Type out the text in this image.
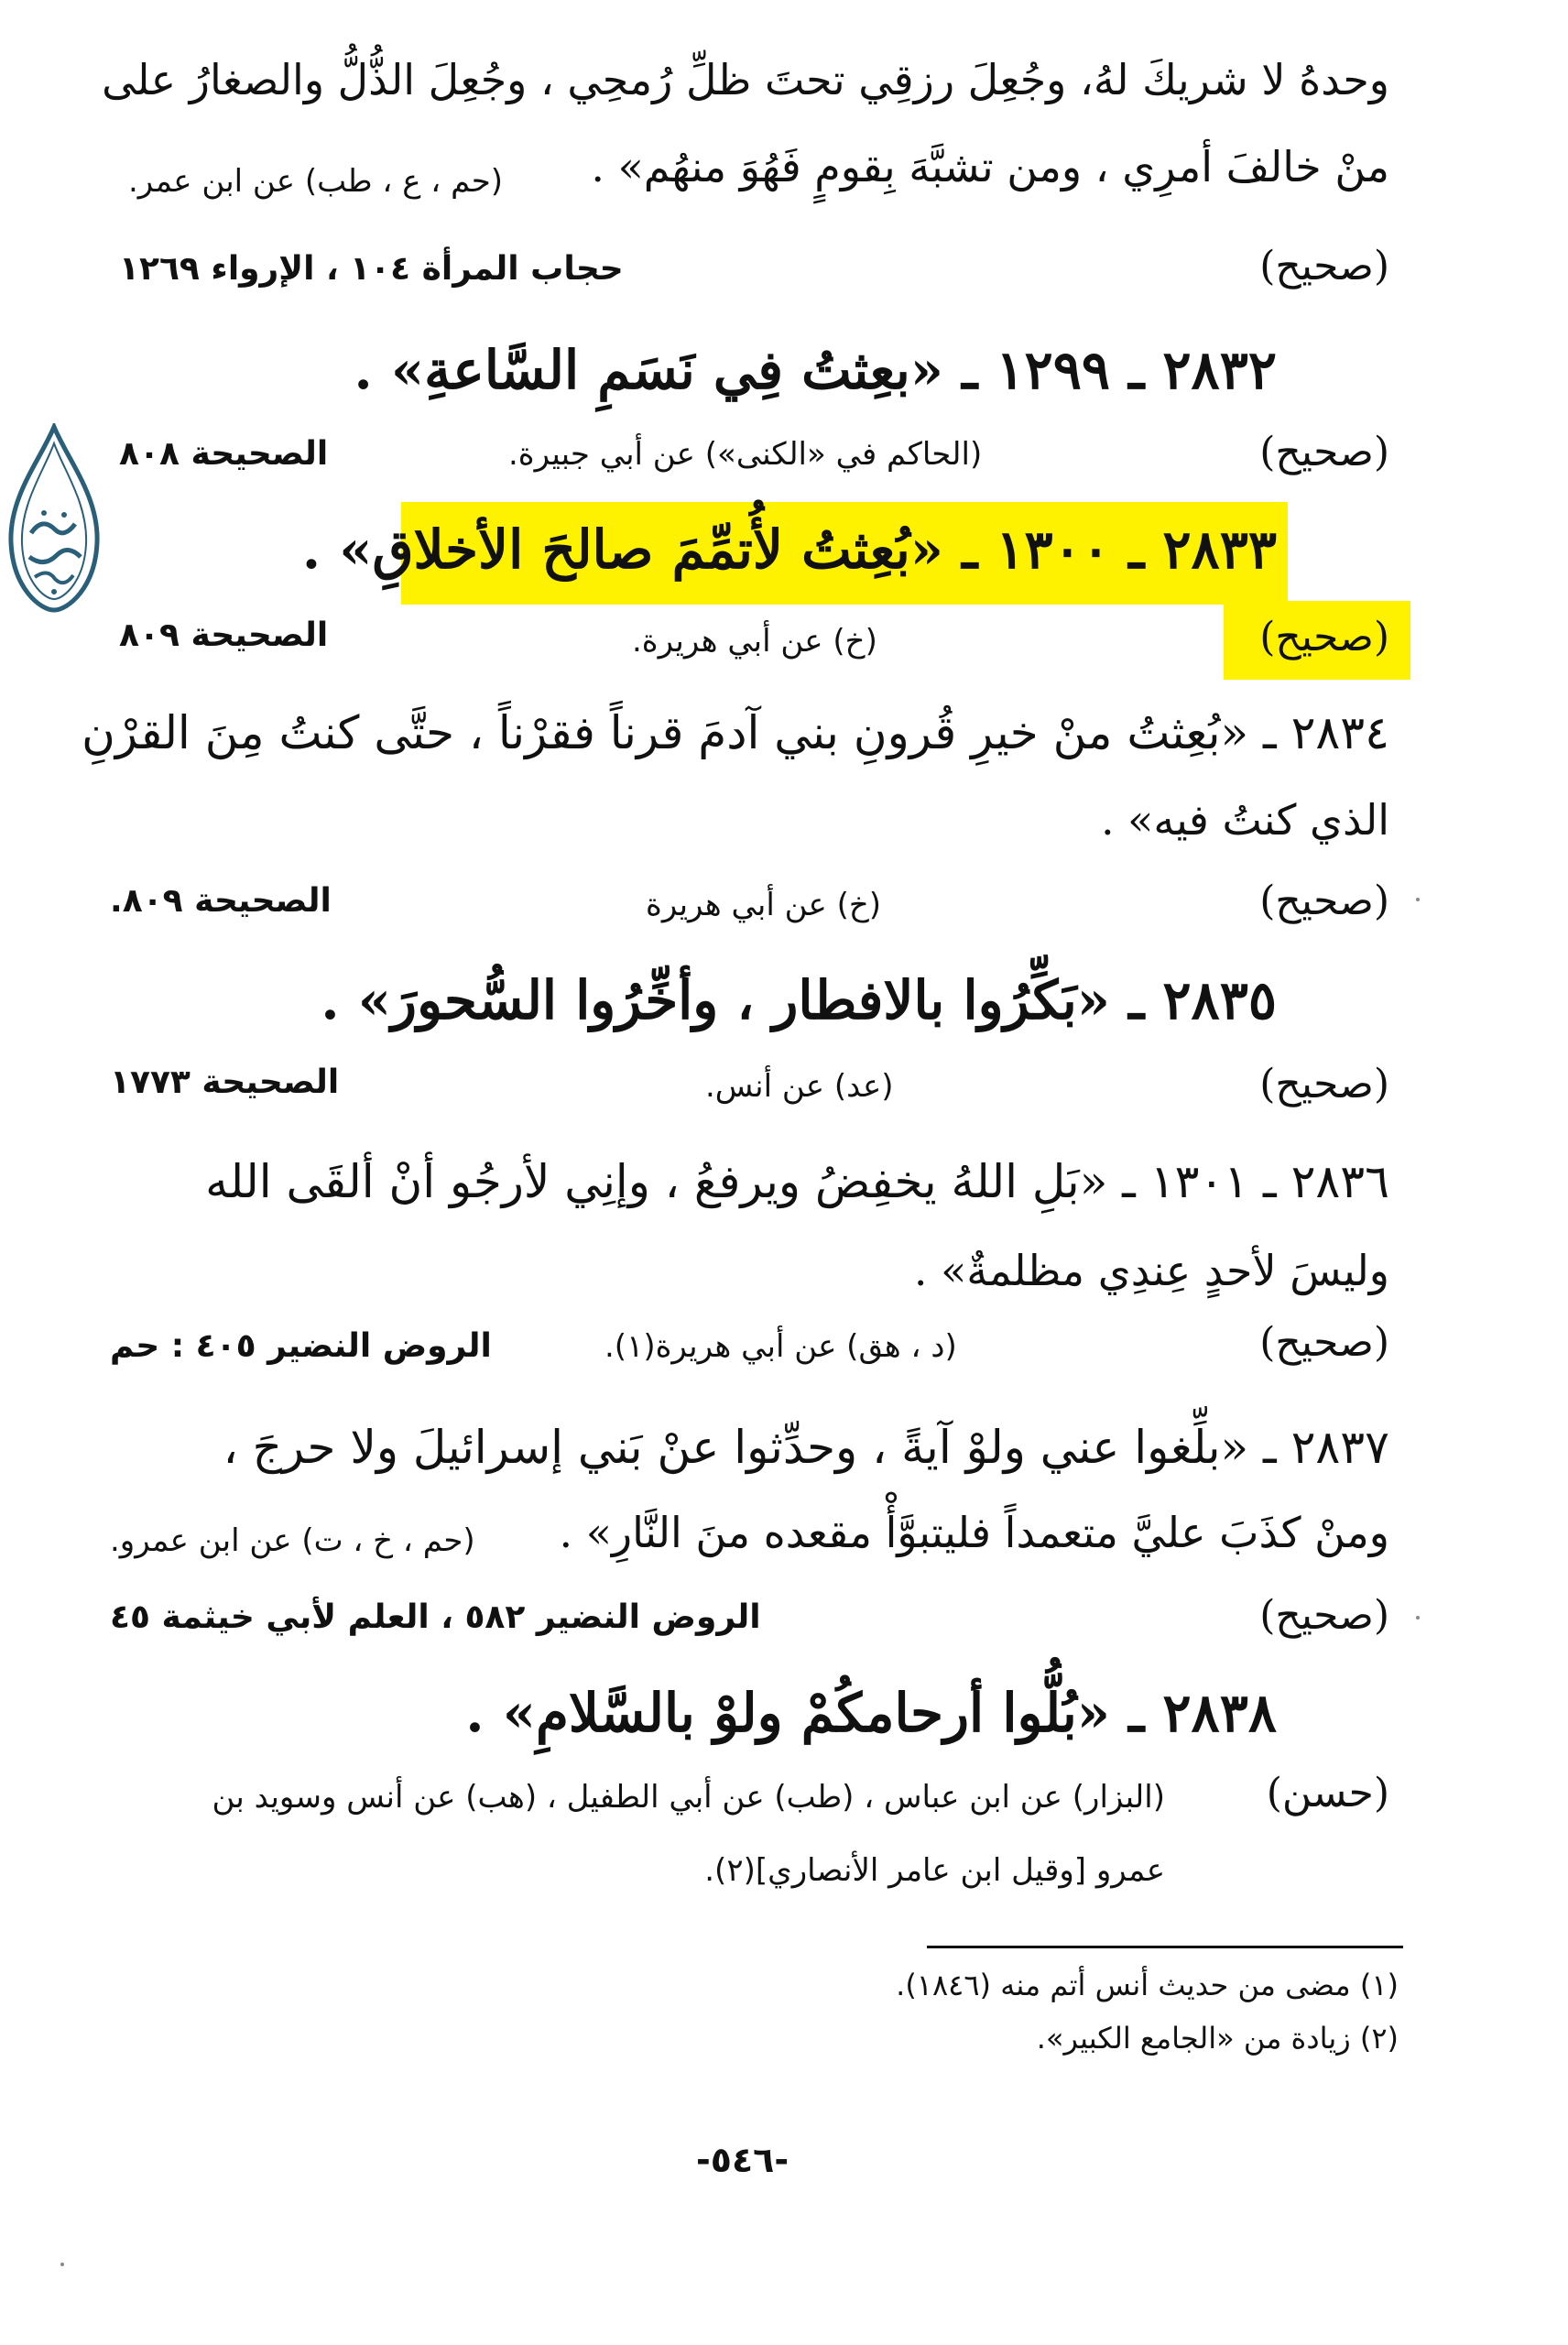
وحدهُ لا شريكَ لهُ، وجُعِلَ رزقِي تحتَ ظلِّ رُمحِي ، وجُعِلَ الذُّلُّ والصغارُ على
منْ خالفَ أمرِي ، ومن تشبَّهَ بِقومٍ فَهُوَ منهُم» .
(حم ، ع ، طب) عن ابن عمر.
(صحيح)
حجاب المرأة ١٠٤ ، الإرواء ١٢٦٩
٢٨٣٢ ـ ١٢٩٩ ـ «بعِثتُ فِي نَسَمِ السَّاعةِ» .
(صحيح)
(الحاكم في «الكنى») عن أبي جبيرة.
الصحيحة ٨٠٨
٢٨٣٣ ـ ١٣٠٠ ـ «بُعِثتُ لأُتمِّمَ صالحَ الأخلاقِ» .
(صحيح)
(خ) عن أبي هريرة.
الصحيحة ٨٠٩
٢٨٣٤ ـ «بُعِثتُ منْ خيرِ قُرونِ بني آدمَ قرناً فقرْناً ، حتَّى كنتُ مِنَ القرْنِ
الذي كنتُ فيه» .
(صحيح)
(خ) عن أبي هريرة
الصحيحة ٨٠٩.
٢٨٣٥ ـ «بَكِّرُوا بالافطار ، وأخِّرُوا السُّحورَ» .
(صحيح)
(عد) عن أنس.
الصحيحة ١٧٧٣
٢٨٣٦ ـ ١٣٠١ ـ «بَلِ اللهُ يخفِضُ ويرفعُ ، وإنِي لأرجُو أنْ ألقَى الله
وليسَ لأحدٍ عِندِي مظلمةٌ» .
(صحيح)
(د ، هق) عن أبي هريرة(١).
الروض النضير ٤٠٥ : حم
٢٨٣٧ ـ «بلِّغوا عني ولوْ آيةً ، وحدِّثوا عنْ بَني إسرائيلَ ولا حرجَ ،
ومنْ كذَبَ عليَّ متعمداً فليتبوَّأْ مقعده منَ النَّارِ» .
(حم ، خ ، ت) عن ابن عمرو.
(صحيح)
الروض النضير ٥٨٢ ، العلم لأبي خيثمة ٤٥
٢٨٣٨ ـ «بُلُّوا أرحامكُمْ ولوْ بالسَّلامِ» .
(حسن)
(البزار) عن ابن عباس ، (طب) عن أبي الطفيل ، (هب) عن أنس وسويد بن
عمرو [وقيل ابن عامر الأنصاري](٢).
(١) مضى من حديث أنس أتم منه (١٨٤٦).
(٢) زيادة من «الجامع الكبير».
-٥٤٦-
